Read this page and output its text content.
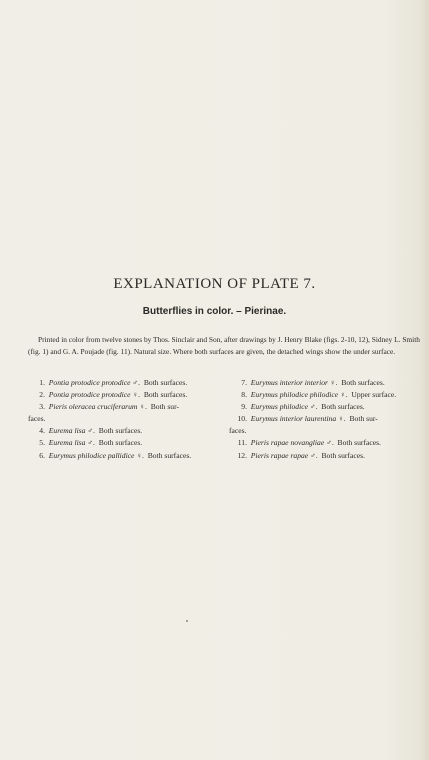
EXPLANATION OF PLATE 7.
Butterflies in color. – Pierinae.

Printed in color from twelve stones by Thos. Sinclair and Son, after drawings by J. Henry Blake (figs. 2-10, 12), Sidney L. Smith (fig. 1) and G. A. Poujade (fig. 11). Natural size. Where both surfaces are given, the detached wings show the under surface.

1. Pontia protodice protodice ♂.  Both surfaces.

2. Pontia protodice protodice ♀.  Both surfaces.

3. Pieris oleracea cruciferarum ♀.  Both sur-
faces.

4. Eurema lisa ♂.  Both surfaces.

5. Eurema lisa ♂.  Both surfaces.

6. Eurymus philodice pallidice ♀.  Both surfaces.

7. Eurymus interior interior ♀.  Both surfaces.

8. Eurymus philodice philodice ♀.  Upper surface.

9. Eurymus philodice ♂.  Both surfaces.

10. Eurymus interior laurentina ♀.  Both sur-
faces.

11. Pieris rapae novangliae ♂.  Both surfaces.

12. Pieris rapae rapae ♂.  Both surfaces.
